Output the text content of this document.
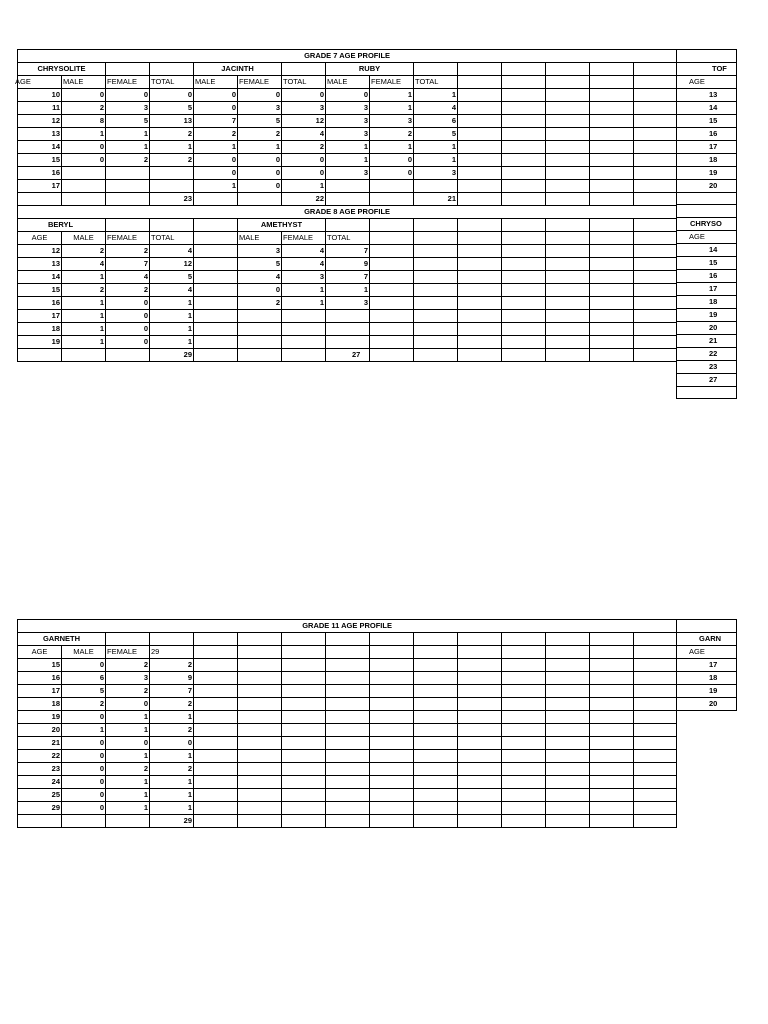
GRADE 7 AGE PROFILE														
CHRYSOLITE				JACINTH			RUBY							
AGE	MALE	FEMALE	TOTAL	MALE	FEMALE	TOTAL	MALE	FEMALE	TOTAL					
10	0	0	0	0	0	0	0	1	1					
11	2	3	5	0	3	3	3	1	4					
12	8	5	13	7	5	12	3	3	6					
13	1	1	2	2	2	4	3	2	5					
14	0	1	1	1	1	2	1	1	1					
15	0	2	2	0	0	0	1	0	1					
16				0	0	0	3	0	3					
17				1	0	1								
			23			22			21					
GRADE 8 AGE PROFILE														
BERYL					AMETHYST									
AGE	MALE	FEMALE	TOTAL		MALE	FEMALE	TOTAL							
12	2	2	4		3	4	7							
13	4	7	12		5	4	9							
14	1	4	5		4	3	7							
15	2	2	4		0	1	1							
16	1	0	1		2	1	3							
17	1	0	1											
18	1	0	1											
19	1	0	1											
			29				27							

TOF
AGE
13
14
15
16
17
18
19
20

CHRYSO
AGE
14
15
16
17
18
19
20
21
22
23
27

GRADE 11 AGE PROFILE														
GARNETH														
AGE	MALE	FEMALE	29											
15	0	2	2											
16	6	3	9											
17	5	2	7											
18	2	0	2											
19	0	1	1											
20	1	1	2											
21	0	0	0											
22	0	1	1											
23	0	2	2											
24	0	1	1											
25	0	1	1											
29	0	1	1											
			29											

GARN
AGE
17
18
19
20
